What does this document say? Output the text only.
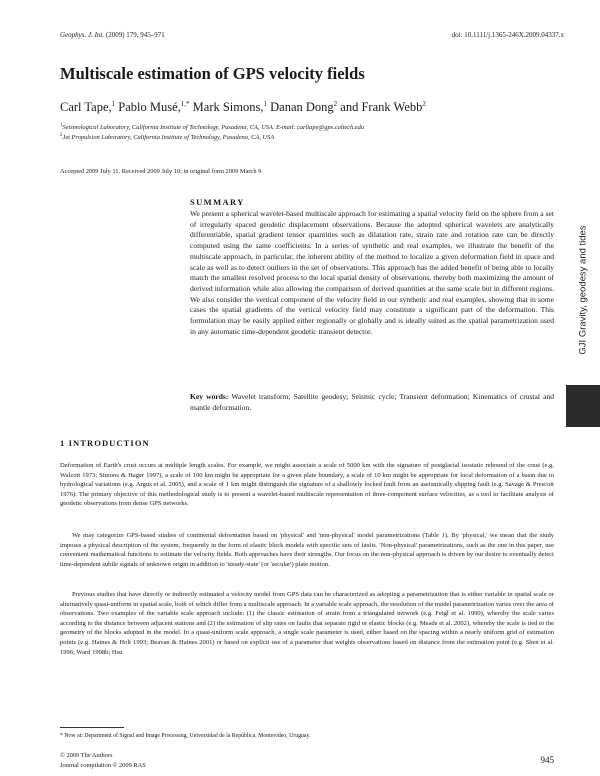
Geophys. J. Int. (2009) 179, 945–971	doi: 10.1111/j.1365-246X.2009.04337.x
Multiscale estimation of GPS velocity fields
Carl Tape,$^1$ Pablo Musé,$^{1,*}$ Mark Simons,$^1$ Danan Dong$^2$ and Frank Webb$^2$
$^1$Seismological Laboratory, California Institute of Technology, Pasadena, CA, USA. E-mail: carltape@gps.caltech.edu
$^2$Jet Propulsion Laboratory, California Institute of Technology, Pasadena, CA, USA
Accepted 2009 July 11. Received 2009 July 10; in original form 2009 March 9
SUMMARY
We present a spherical wavelet-based multiscale approach for estimating a spatial velocity field on the sphere from a set of irregularly spaced geodetic displacement observations. Because the adopted spherical wavelets are analytically differentiable, spatial gradient tensor quantities such as dilatation rate, strain rate and rotation rate can be directly computed using the same coefficients. In a series of synthetic and real examples, we illustrate the benefit of the multiscale approach, in particular, the inherent ability of the method to localize a given deformation field in space and scale as well as to detect outliers in the set of observations. This approach has the added benefit of being able to locally match the smallest resolved process to the local spatial density of observations, thereby both maximizing the amount of derived information while also allowing the comparison of derived quantities at the same scale but in different regions. We also consider the vertical component of the velocity field in our synthetic and real examples, showing that in some cases the spatial gradients of the vertical velocity field may constitute a significant part of the deformation. This formulation may be easily applied either regionally or globally and is ideally suited as the spatial parametrization used in any automatic time-dependent geodetic transient detector.
Key words: Wavelet transform; Satellite geodesy; Seismic cycle; Transient deformation; Kinematics of crustal and mantle deformation.
1 INTRODUCTION
Deformation of Earth's crust occurs at multiple length scales. For example, we might associate a scale of 5000 km with the signature of postglacial isostatic rebound of the crust (e.g. Walcott 1973; Simons & Hager 1997), a scale of 100 km might be appropriate for a given plate boundary, a scale of 10 km might be appropriate for local deformation of a basin due to hydrological variations (e.g. Argus et al. 2005), and a scale of 1 km might distinguish the signature of a shallowly locked fault from an aseismically slipping fault (e.g. Savage & Prescott 1976). The primary objective of this methodological study is to present a wavelet-based multiscale representation of three-component surface velocities, as a tool to facilitate analysis of geodetic observations from dense GPS networks.
We may categorize GPS-based studies of continental deformation based on 'physical' and 'non-physical' model parametrizations (Table 1). By 'physical,' we mean that the study imposes a physical description of the system, frequently in the form of elastic block models with specific sets of faults. 'Non-physical' parametrizations, such as the one in this paper, use convenient mathematical functions to estimate the velocity fields. Both approaches have their strengths. Our focus on the non-physical approach is driven by our desire to eventually detect time-dependent subtle signals of unknown origin in addition to 'steady-state' (or 'secular') plate motion.
Previous studies that have directly or indirectly estimated a velocity model from GPS data can be characterized as adopting a parametrization that is either variable in spatial scale or alternatively quasi-uniform in spatial scale, both of which differ from a multiscale approach. In a variable scale approach, the resolution of the model parametrization varies over the area of observations. Two examples of the variable scale approach include: (1) the classic estimation of strain from a triangulated network (e.g. Feigl et al. 1990), whereby the scale varies according to the distance between adjacent stations and (2) the estimation of slip rates on faults that separate rigid or elastic blocks (e.g. Meade et al. 2002), whereby the scale is tied to the geometry of the blocks adopted in the model. In a quasi-uniform scale approach, a single scale parameter is used, either based on the spacing within a nearly uniform grid of estimation points (e.g. Haines & Holt 1993; Beavan & Haines 2001) or based on explicit use of a parameter that weights observations based on distance from the estimation point (e.g. Shen et al. 1996; Ward 1998b; Hsu
* Now at: Department of Signal and Image Processing, Universidad de la República, Montevideo, Uruguay.
© 2009 The Authors
Journal compilation © 2009 RAS
945
GJI Gravity, geodesy and tides
